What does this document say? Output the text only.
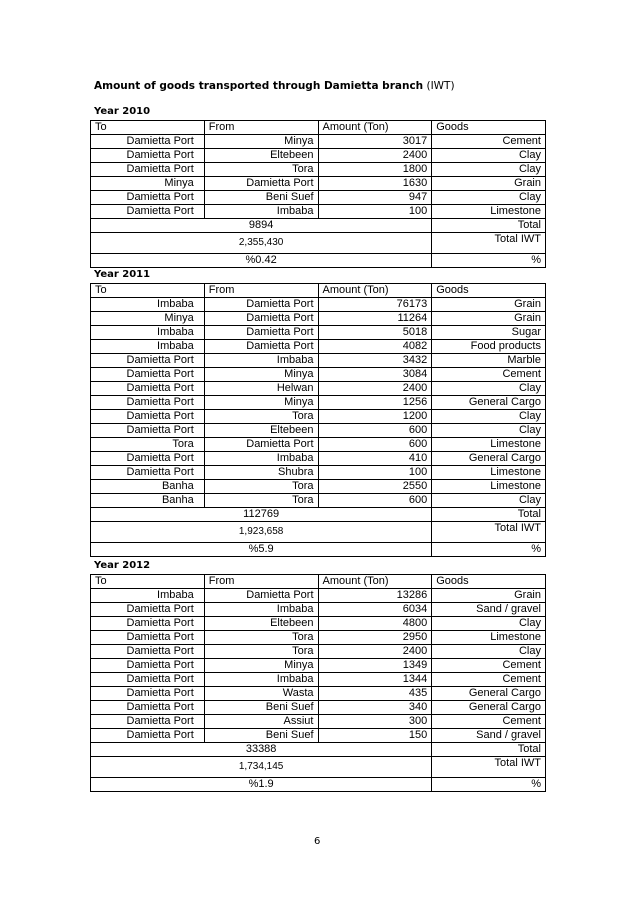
Amount of goods transported through Damietta branch (IWT)
Year 2010
To	From	Amount (Ton)	Goods
Damietta Port	Minya	3017	Cement
Damietta Port	Eltebeen	2400	Clay
Damietta Port	Tora	1800	Clay
Minya	Damietta Port	1630	Grain
Damietta Port	Beni Suef	947	Clay
Damietta Port	Imbaba	100	Limestone
9894			Total
2,355,430			Total IWT
%0.42			%
Year 2011
To	From	Amount (Ton)	Goods
Imbaba	Damietta Port	76173	Grain
Minya	Damietta Port	11264	Grain
Imbaba	Damietta Port	5018	Sugar
Imbaba	Damietta Port	4082	Food products
Damietta Port	Imbaba	3432	Marble
Damietta Port	Minya	3084	Cement
Damietta Port	Helwan	2400	Clay
Damietta Port	Minya	1256	General Cargo
Damietta Port	Tora	1200	Clay
Damietta Port	Eltebeen	600	Clay
Tora	Damietta Port	600	Limestone
Damietta Port	Imbaba	410	General Cargo
Damietta Port	Shubra	100	Limestone
Banha	Tora	2550	Limestone
Banha	Tora	600	Clay
112769			Total
1,923,658			Total IWT
%5.9			%
Year 2012
To	From	Amount (Ton)	Goods
Imbaba	Damietta Port	13286	Grain
Damietta Port	Imbaba	6034	Sand / gravel
Damietta Port	Eltebeen	4800	Clay
Damietta Port	Tora	2950	Limestone
Damietta Port	Tora	2400	Clay
Damietta Port	Minya	1349	Cement
Damietta Port	Imbaba	1344	Cement
Damietta Port	Wasta	435	General Cargo
Damietta Port	Beni Suef	340	General Cargo
Damietta Port	Assiut	300	Cement
Damietta Port	Beni Suef	150	Sand / gravel
33388			Total
1,734,145			Total IWT
%1.9			%
6
